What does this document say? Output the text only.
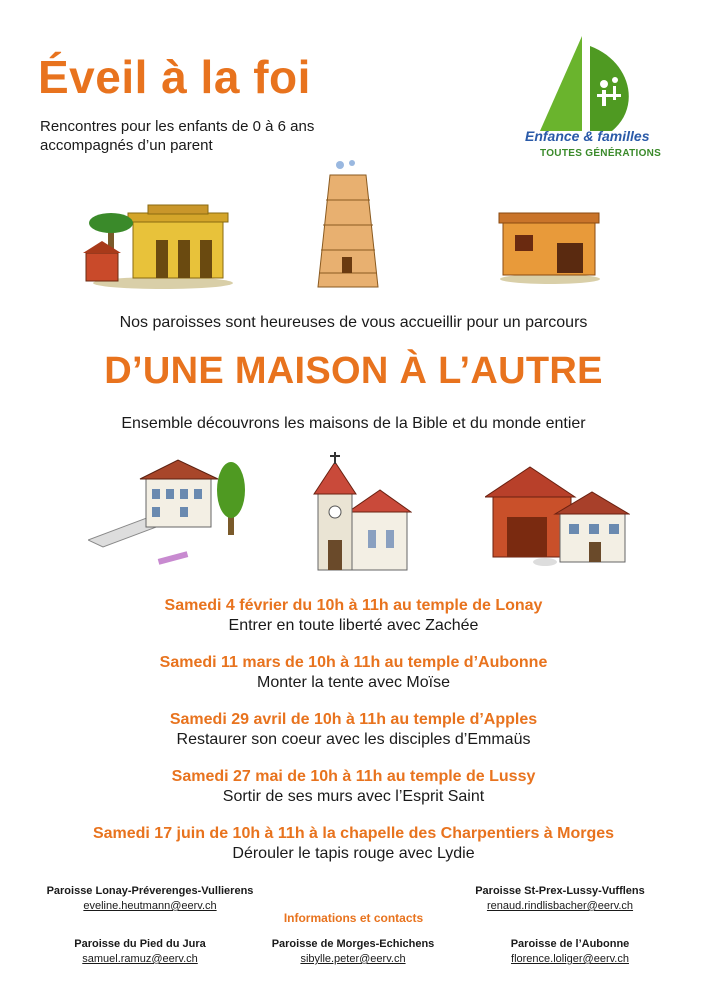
Éveil à la foi
Rencontres pour les enfants de 0 à 6 ans
accompagnés d’un parent
Enfance & familles
TOUTES GÉNÉRATIONS
Nos paroisses sont heureuses de vous accueillir pour un parcours
D’UNE MAISON À L’AUTRE
Ensemble découvrons les maisons de la Bible et du monde entier
Samedi 4 février du 10h à 11h au temple de Lonay
Entrer en toute liberté avec Zachée
Samedi 11 mars de 10h à 11h au temple d’Aubonne
Monter la tente avec Moïse
Samedi 29 avril de 10h à 11h au temple d’Apples
Restaurer son coeur avec les disciples d’Emmaüs
Samedi 27 mai de 10h à 11h au temple de Lussy
Sortir de ses murs avec l’Esprit Saint
Samedi 17 juin de 10h à 11h à la chapelle des Charpentiers à Morges
Dérouler le tapis rouge avec Lydie
Paroisse Lonay-Préverenges-Vullierens
eveline.heutmann@eerv.ch
Paroisse St-Prex-Lussy-Vufflens
renaud.rindlisbacher@eerv.ch
Informations et contacts
Paroisse du Pied du Jura
samuel.ramuz@eerv.ch
Paroisse de Morges-Echichens
sibylle.peter@eerv.ch
Paroisse de l’Aubonne
florence.loliger@eerv.ch
